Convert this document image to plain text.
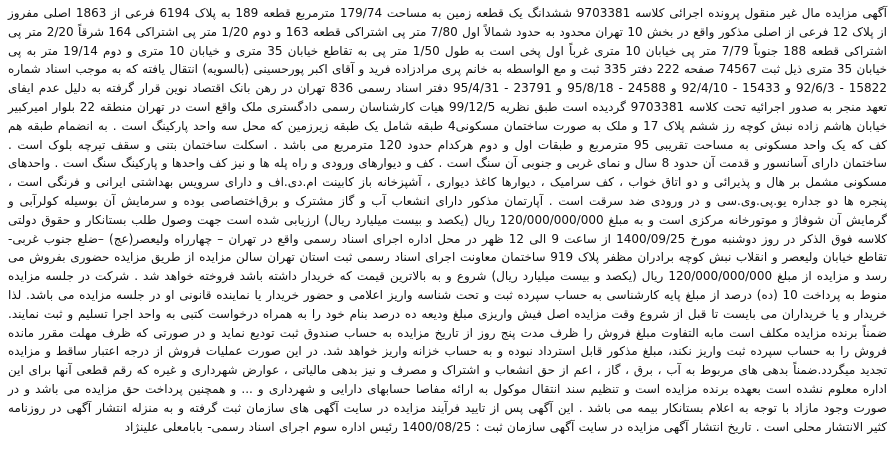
آگهی مزایده مال غیر منقول پرونده اجرائی کلاسه 9703381 ششدانگ یک قطعه زمین به مساحت 179/74 مترمربع قطعه 189 به پلاک 6194 فرعی از 1863 اصلی مفروز از پلاک 12 فرعی از اصلی مذکور واقع در بخش 10 تهران محدود به حدود شمالاً اول 7/80 متر پی اشتراکی قطعه 163 و دوم 1/20 متر پی اشتراکی 164 شرقاً 2/20 متر پی اشتراکی قطعه 188 جنوباً 7/79 متر پی خیابان 10 متری غرباً اول پخی است به طول 1/50 متر پی به تقاطع خیابان 35 متری و خیابان 10 متری و دوم 19/14 متر به پی خیابان 35 متری ذیل ثبت 74567 صفحه 222 دفتر 335 ثبت و مع الواسطه به خانم پری مرادزاده فرید و آقای اکبر پورحسینی (بالسویه) انتقال یافته که به موجب اسناد شماره 15822 - 92/6/3 و 15433 - 92/4/10 و 24588 - 95/8/18 و 23791 - 95/4/31 دفتر اسناد رسمی 836 تهران در رهن بانک اقتصاد نوین قرار گرفته به دلیل عدم ایفای تعهد منجر به صدور اجرائیه تحت کلاسه 9703381 گردیده است طبق نظریه 99/12/5 هیات کارشناسان رسمی دادگستری ملک واقع است در تهران منطقه 22 بلوار امیرکبیر خیابان هاشم زاده نبش کوچه رز ششم پلاک 17 و ملک به صورت ساختمان مسکونی4 طبقه شامل یک طبقه زیرزمین که محل سه واحد پارکینگ است . به انضمام طبقه هم کف که یک واحد مسکونی به مساحت تقریبی 95 مترمربع و طبقات اول و دوم هرکدام حدود 120 مترمربع می باشد . اسکلت ساختمان بتنی و سقف تیرچه بلوک است . ساختمان دارای آسانسور و قدمت آن حدود 8 سال و نمای غربی و جنوبی آن سنگ است . کف و دیوارهای ورودی و راه پله ها و نیز کف واحدها و پارکینگ سنگ است . واحدهای مسکونی مشمل بر هال و پذیرائی و دو اتاق خواب ، کف سرامیک ، دیوارها کاغذ دیواری ، آشپزخانه باز کابینت ام.دی.اف و دارای سرویس بهداشتی ایرانی و فرنگی است ، پنجره ها دو جداره یو.پی.وی.سی و در ورودی ضد سرقت است . آپارتمان مذکور دارای انشعاب آب و گاز مشترک و برق‌اختصاصی بوده و سرمایش آن بوسیله کولرآبی و گرمایش آن شوفاژ و موتورخانه مرکزی است و به مبلغ 120/000/000/000 ریال (یکصد و بیست میلیارد ریال) ارزیابی شده است جهت وصول طلب بستانکار و حقوق دولتی کلاسه فوق الذکر در روز دوشنبه مورخ 1400/09/25 از ساعت 9 الی 12 ظهر در محل اداره اجرای اسناد رسمی واقع در تهران – چهارراه ولیعصر(عج) –ضلع جنوب غربی- تقاطع خیابان ولیعصر و انقلاب نبش کوچه برادران مظفر پلاک 919 ساختمان معاونت اجرای اسناد رسمی ثبت استان تهران سالن مزایده از طریق مزایده حضوری بفروش می رسد و مزایده از مبلغ 120/000/000/000 ریال (یکصد و بیست میلیارد ریال) شروع و به بالاترین قیمت که خریدار داشته باشد فروخته خواهد شد . شرکت در جلسه مزایده منوط به پرداخت 10 (ده) درصد از مبلغ پایه کارشناسی به حساب سپرده ثبت و تحت شناسه واریز اعلامی و حضور خریدار یا نماینده قانونی او در جلسه مزایده می باشد. لذا خریدار و یا خریداران می بایست تا قبل از شروع وقت مزایده اصل فیش واریزی مبلغ ودیعه ده درصد بنام خود را به همراه درخواست کتبی به واحد اجرا تسلیم و ثبت نمایند. ضمناً برنده مزایده مکلف است مابه التفاوت مبلغ فروش را ظرف مدت پنج روز از تاریخ مزایده به حساب صندوق ثبت تودیع نماید و در صورتی که ظرف مهلت مقرر مانده فروش را به حساب سپرده ثبت واریز نکند، مبلغ مذکور قابل استرداد نبوده و به حساب خزانه واریز خواهد شد. در این صورت عملیات فروش از درجه اعتبار ساقط و مزایده تجدید میگردد.ضمناً بدهی های مربوط به آب ، برق ، گاز ، اعم از حق انشعاب و اشتراک و مصرف و نیز بدهی مالیاتی ، عوارض شهرداری و غیره که رقم قطعی آنها برای این اداره معلوم نشده است بعهده برنده مزایده است و تنظیم سند انتقال موکول به ارائه مفاصا حسابهای دارایی و شهرداری و ... و همچنین پرداخت حق مزایده می باشد و در صورت وجود مازاد با توجه به اعلام بستانکار بیمه می باشد . این آگهی پس از تایید فرآیند مزایده در سایت آگهی های سازمان ثبت گرفته و به منزله انتشار آگهی در روزنامه کثیر الانتشار محلی است . تاریخ انتشار آگهی مزایده در سایت آگهی سازمان ثبت : 1400/08/25 رئیس اداره سوم اجرای اسناد رسمی- بابامعلی علینژاد
